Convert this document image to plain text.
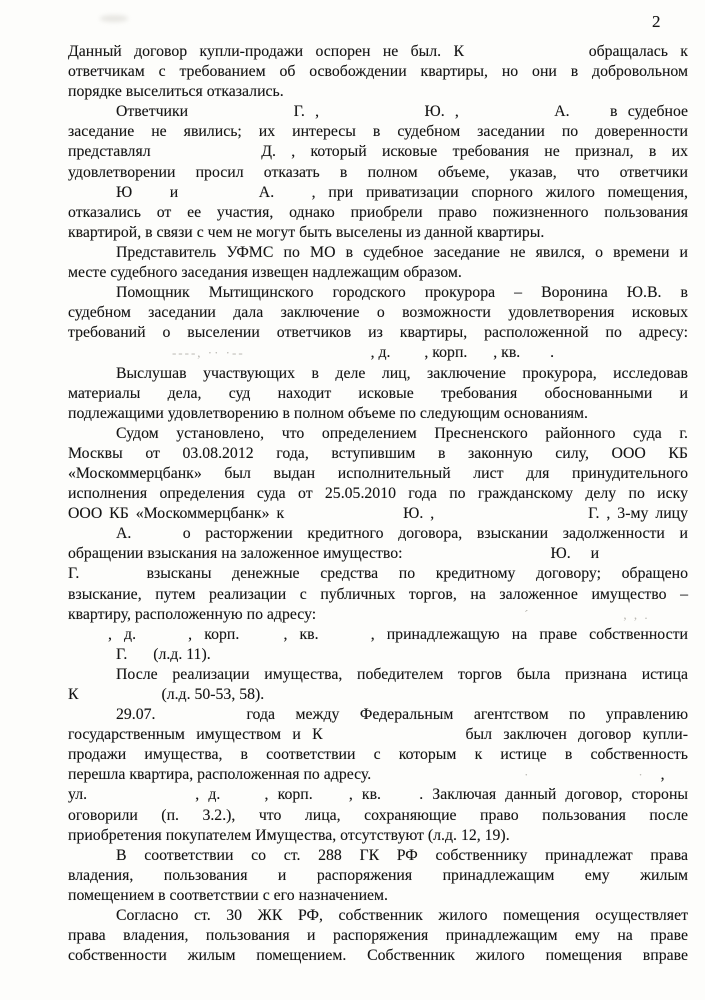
2
Данный договор купли-продажи оспорен не был. К	обращалась к
ответчикам с требованием об освобождении квартиры, но они в добровольном
порядке выселиться отказались.
Ответчики	Г. ,	Ю. ,	А.	в судебное
заседание не явились; их интересы в судебном заседании по доверенности
представлял	Д. , который исковые требования не признал, в их
удовлетворении просил отказать в полном объеме, указав, что ответчики
Ю и	А. , при приватизации спорного жилого помещения,
отказались от ее участия, однако приобрели право пожизненного пользования
квартирой, в связи с чем не могут быть выселены из данной квартиры.
Представитель УФМС по МО в судебное заседание не явился, о времени и
месте судебного заседания извещен надлежащим образом.
Помощник Мытищинского городского прокурора – Воронина Ю.В. в
судебном заседании дала заключение о возможности удовлетворения исковых
требований о выселении ответчиков из квартиры, расположенной по адресу:
----, ·· ·--	, д. , корп. , кв. .
Выслушав участвующих в деле лиц, заключение прокурора, исследовав
материалы дела, суд находит исковые требования обоснованными и
подлежащими удовлетворению в полном объеме по следующим основаниям.
Судом установлено, что определением Пресненского районного суда г.
Москвы от 03.08.2012 года, вступившим в законную силу, ООО КБ
«Москоммерцбанк» был выдан исполнительный лист для принудительного
исполнения определения суда от 25.05.2010 года по гражданскому делу по иску
ООО КБ «Москоммерцбанк» к	Ю. ,	Г. , 3-му лицу
А.	о расторжении кредитного договора, взыскании задолженности и
обращении взыскания на заложенное имущество:	Ю. и
Г.	взысканы денежные средства по кредитному договору; обращено
взыскание, путем реализации с публичных торгов, на заложенное имущество –
квартиру, расположенную по адресу:	´	, , .
, д.	, корп.	, кв.	, принадлежащую на праве собственности
Г. (л.д. 11).
После реализации имущества, победителем торгов была признана истица
К	(л.д. 50-53, 58).
29.07.	года между Федеральным агентством по управлению
государственным имуществом и К	был заключен договор купли-
продажи имущества, в соответствии с которым к истице в собственность
перешла квартира, расположенная по адресу.	·	· ,
ул.	, д.	, корп. , кв. . Заключая данный договор, стороны
оговорили (п. 3.2.), что лица, сохраняющие право пользования после
приобретения покупателем Имущества, отсутствуют (л.д. 12, 19).
В соответствии со ст. 288 ГК РФ собственнику принадлежат права
владения, пользования и распоряжения принадлежащим ему жилым
помещением в соответствии с его назначением.
Согласно ст. 30 ЖК РФ, собственник жилого помещения осуществляет
права владения, пользования и распоряжения принадлежащим ему на праве
собственности жилым помещением. Собственник жилого помещения вправе
